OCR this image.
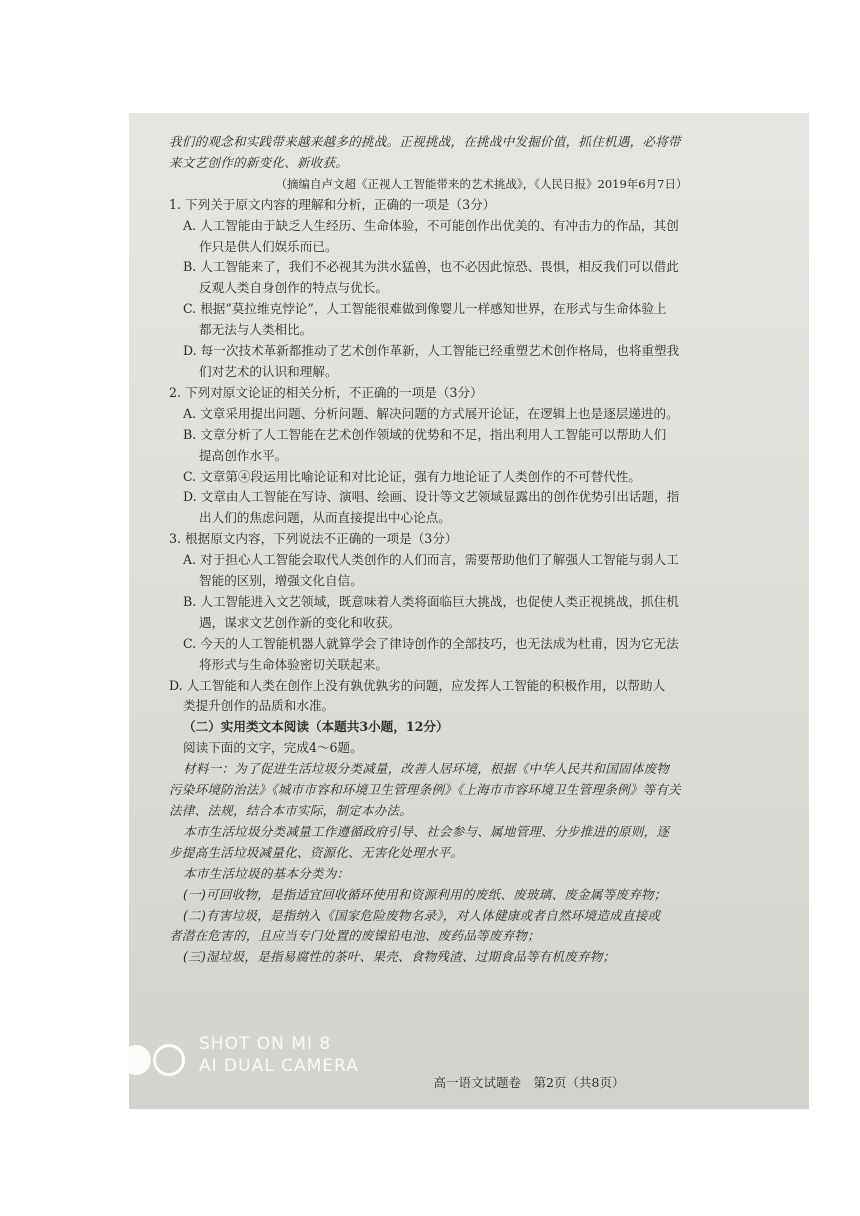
我们的观念和实践带来越来越多的挑战。正视挑战，在挑战中发掘价值，抓住机遇，必将带

来文艺创作的新变化、新收获。

（摘编自卢文超《正视人工智能带来的艺术挑战》，《人民日报》2019年6月7日）

1. 下列关于原文内容的理解和分析，正确的一项是（3分）

A. 人工智能由于缺乏人生经历、生命体验，不可能创作出优美的、有冲击力的作品，其创

作只是供人们娱乐而已。

B. 人工智能来了，我们不必视其为洪水猛兽，也不必因此惊恐、畏惧，相反我们可以借此

反观人类自身创作的特点与优长。

C. 根据“莫拉维克悖论”，人工智能很难做到像婴儿一样感知世界，在形式与生命体验上

都无法与人类相比。

D. 每一次技术革新都推动了艺术创作革新，人工智能已经重塑艺术创作格局，也将重塑我

们对艺术的认识和理解。

2. 下列对原文论证的相关分析，不正确的一项是（3分）

A. 文章采用提出问题、分析问题、解决问题的方式展开论证，在逻辑上也是逐层递进的。

B. 文章分析了人工智能在艺术创作领域的优势和不足，指出利用人工智能可以帮助人们

提高创作水平。

C. 文章第④段运用比喻论证和对比论证，强有力地论证了人类创作的不可替代性。

D. 文章由人工智能在写诗、演唱、绘画、设计等文艺领域显露出的创作优势引出话题，指

出人们的焦虑问题，从而直接提出中心论点。

3. 根据原文内容，下列说法不正确的一项是（3分）

A. 对于担心人工智能会取代人类创作的人们而言，需要帮助他们了解强人工智能与弱人工

智能的区别，增强文化自信。

B. 人工智能进入文艺领域，既意味着人类将面临巨大挑战，也促使人类正视挑战，抓住机

遇，谋求文艺创作新的变化和收获。

C. 今天的人工智能机器人就算学会了律诗创作的全部技巧，也无法成为杜甫，因为它无法

将形式与生命体验密切关联起来。

D. 人工智能和人类在创作上没有孰优孰劣的问题，应发挥人工智能的积极作用，以帮助人

类提升创作的品质和水准。

（二）实用类文本阅读（本题共3小题，12分）

阅读下面的文字，完成4～6题。

材料一：为了促进生活垃圾分类减量，改善人居环境，根据《中华人民共和国固体废物

污染环境防治法》《城市市容和环境卫生管理条例》《上海市市容环境卫生管理条例》等有关

法律、法规，结合本市实际，制定本办法。

本市生活垃圾分类减量工作遵循政府引导、社会参与、属地管理、分步推进的原则，逐

步提高生活垃圾减量化、资源化、无害化处理水平。

本市生活垃圾的基本分类为：

(一)可回收物，是指适宜回收循环使用和资源利用的废纸、废玻璃、废金属等废弃物；

(二)有害垃圾，是指纳入《国家危险废物名录》，对人体健康或者自然环境造成直接或

者潜在危害的，且应当专门处置的废镍铅电池、废药品等废弃物；

(三)湿垃圾，是指易腐性的茶叶、果壳、食物残渣、过期食品等有机废弃物；

高一语文试题卷　第2页（共8页）
SHOT ON MI 8
AI DUAL CAMERA
